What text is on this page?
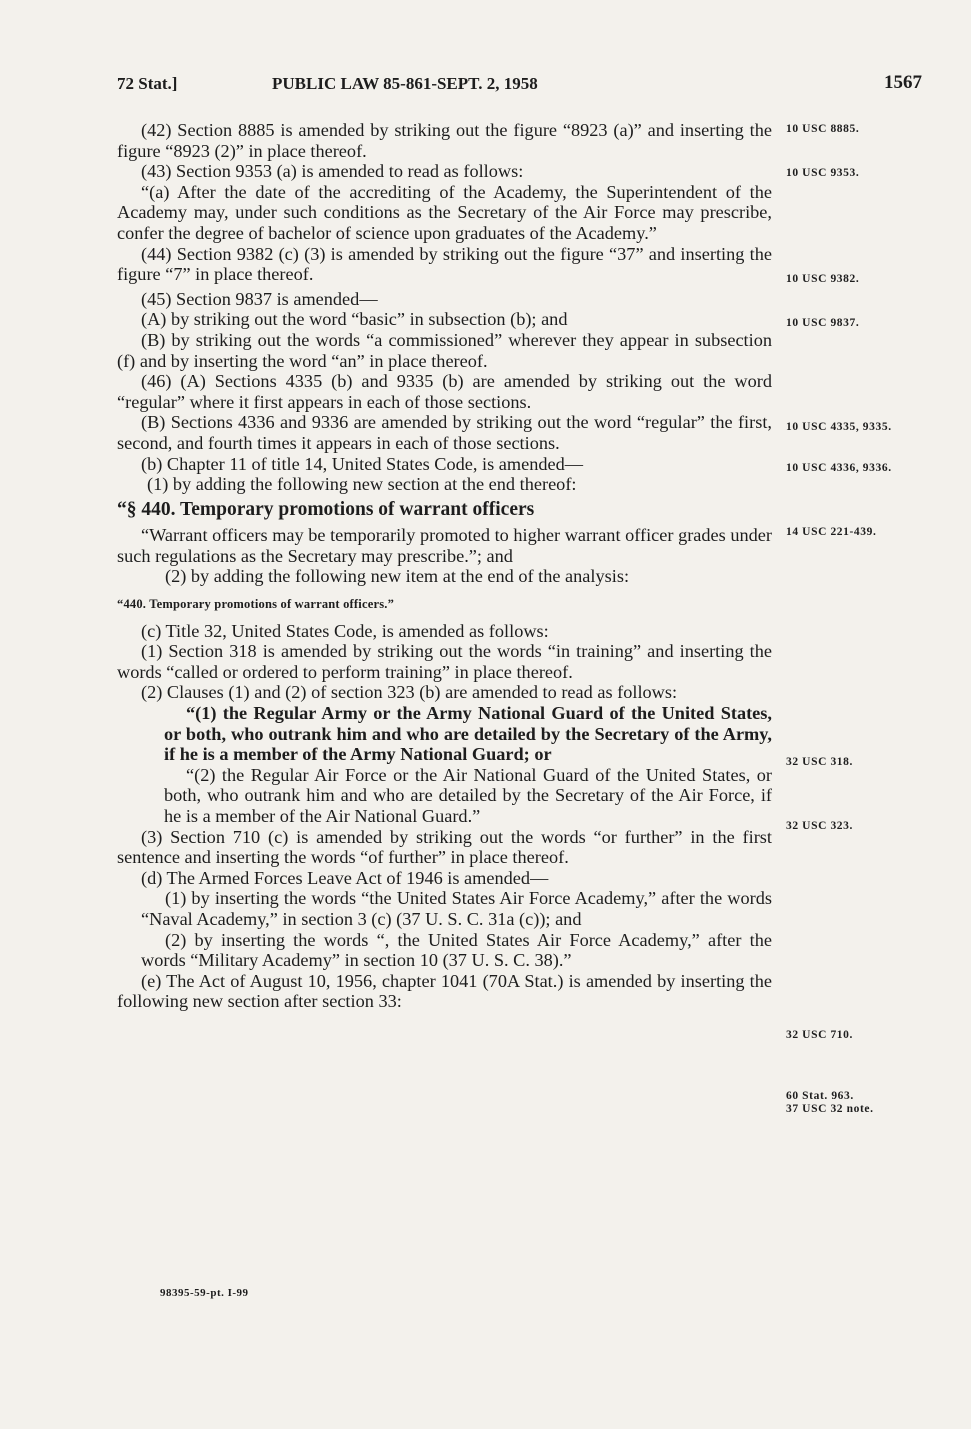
72 Stat.]	PUBLIC LAW 85-861-SEPT. 2, 1958	1567

(42) Section 8885 is amended by striking out the figure “8923 (a)” and inserting the figure “8923 (2)” in place thereof.

(43) Section 9353 (a) is amended to read as follows:

“(a) After the date of the accrediting of the Academy, the Superintendent of the Academy may, under such conditions as the Secretary of the Air Force may prescribe, confer the degree of bachelor of science upon graduates of the Academy.”

(44) Section 9382 (c) (3) is amended by striking out the figure “37” and inserting the figure “7” in place thereof.

(45) Section 9837 is amended—

(A) by striking out the word “basic” in subsection (b); and

(B) by striking out the words “a commissioned” wherever they appear in subsection (f) and by inserting the word “an” in place thereof.

(46) (A) Sections 4335 (b) and 9335 (b) are amended by striking out the word “regular” where it first appears in each of those sections.

(B) Sections 4336 and 9336 are amended by striking out the word “regular” the first, second, and fourth times it appears in each of those sections.

(b) Chapter 11 of title 14, United States Code, is amended—

(1) by adding the following new section at the end thereof:

“§ 440. Temporary promotions of warrant officers

“Warrant officers may be temporarily promoted to higher warrant officer grades under such regulations as the Secretary may prescribe.”; and

(2) by adding the following new item at the end of the analysis:

“440. Temporary promotions of warrant officers.”

(c) Title 32, United States Code, is amended as follows:

(1) Section 318 is amended by striking out the words “in training” and inserting the words “called or ordered to perform training” in place thereof.

(2) Clauses (1) and (2) of section 323 (b) are amended to read as follows:

“(1) the Regular Army or the Army National Guard of the United States, or both, who outrank him and who are detailed by the Secretary of the Army, if he is a member of the Army National Guard; or

“(2) the Regular Air Force or the Air National Guard of the United States, or both, who outrank him and who are detailed by the Secretary of the Air Force, if he is a member of the Air National Guard.”

(3) Section 710 (c) is amended by striking out the words “or further” in the first sentence and inserting the words “of further” in place thereof.

(d) The Armed Forces Leave Act of 1946 is amended—

(1) by inserting the words “the United States Air Force Academy,” after the words “Naval Academy,” in section 3 (c) (37 U. S. C. 31a (c)); and

(2) by inserting the words “, the United States Air Force Academy,” after the words “Military Academy” in section 10 (37 U. S. C. 38).”

(e) The Act of August 10, 1956, chapter 1041 (70A Stat.) is amended by inserting the following new section after section 33:

10 USC 8885.
10 USC 9353.
10 USC 9382.
10 USC 9837.
10 USC 4335, 9335.
10 USC 4336, 9336.
14 USC 221-439.
32 USC 318.
32 USC 323.
32 USC 710.
60 Stat. 963.
37 USC 32 note.
98395-59-pt. I-99
